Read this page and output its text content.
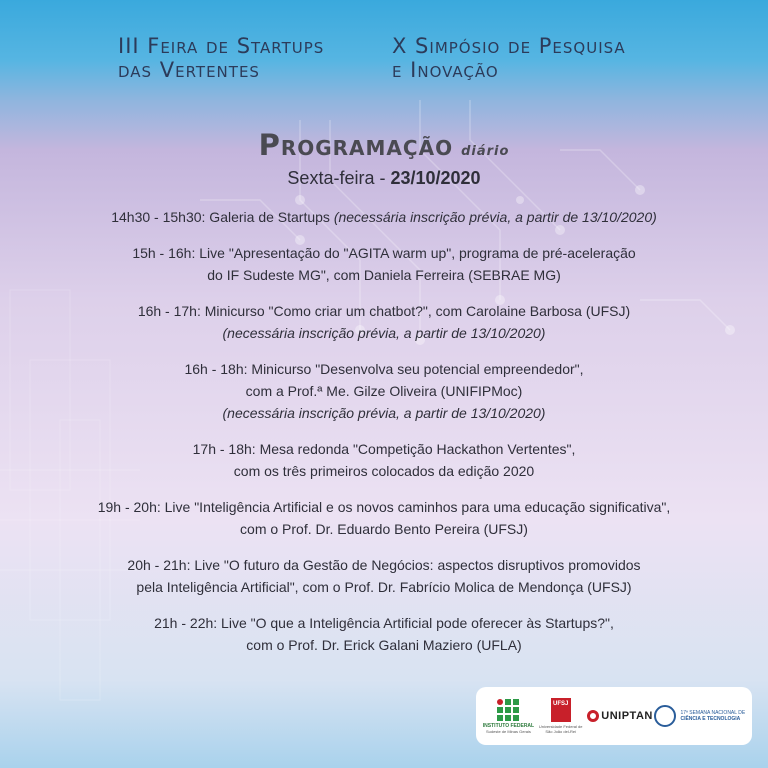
III Feira de Startups
das Vertentes
X Simpósio de Pesquisa
e Inovação
Programação diário
Sexta-feira - 23/10/2020
14h30 - 15h30: Galeria de Startups (necessária inscrição prévia, a partir de 13/10/2020)
15h - 16h: Live "Apresentação do "AGITA warm up", programa de pré-aceleração
do IF Sudeste MG", com Daniela Ferreira (SEBRAE MG)
16h - 17h: Minicurso "Como criar um chatbot?", com Carolaine Barbosa (UFSJ)
(necessária inscrição prévia, a partir de 13/10/2020)
16h - 18h: Minicurso "Desenvolva seu potencial empreendedor",
com a Prof.ª Me. Gilze Oliveira (UNIFIPMoc)
(necessária inscrição prévia, a partir de 13/10/2020)
17h - 18h: Mesa redonda "Competição Hackathon Vertentes",
com os três primeiros colocados da edição 2020
19h - 20h: Live "Inteligência Artificial e os novos caminhos para uma educação significativa",
com o Prof. Dr. Eduardo Bento Pereira (UFSJ)
20h - 21h: Live "O futuro da Gestão de Negócios: aspectos disruptivos promovidos
pela Inteligência Artificial", com o Prof. Dr. Fabrício Molica de Mendonça (UFSJ)
21h - 22h: Live "O que a Inteligência Artificial pode oferecer às Startups?",
com o Prof. Dr. Erick Galani Maziero (UFLA)
INSTITUTO FEDERAL
Sudeste de Minas Gerais
UFSJ
Universidade Federal de São João del-Rei
UNIPTAN	17ª SEMANA NACIONAL DE
CIÊNCIA E TECNOLOGIA
